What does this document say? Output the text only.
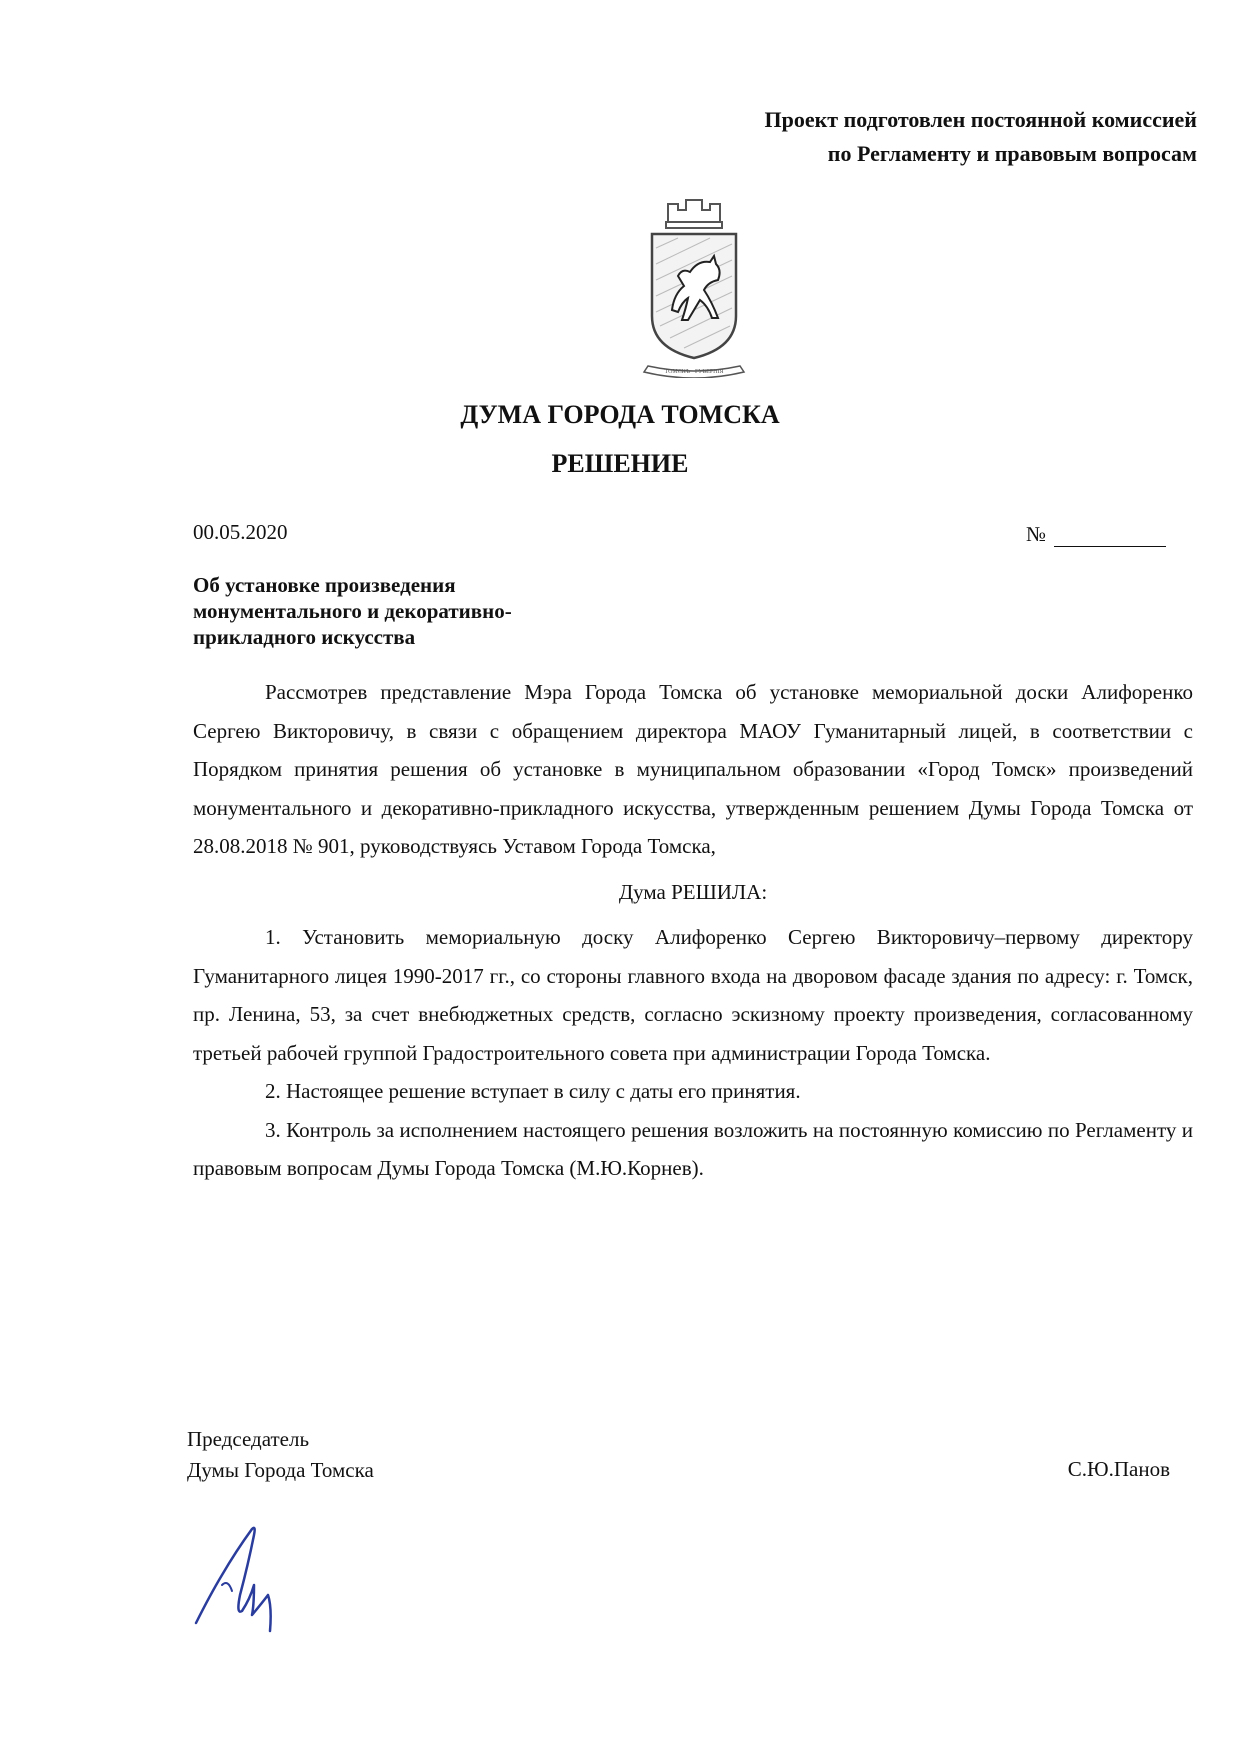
Проект подготовлен постоянной комиссией
по Регламенту и правовым вопросам
ТОМСКЪ · ГУБЕРНIЯ
ДУМА ГОРОДА ТОМСКА
РЕШЕНИЕ
00.05.2020	№
Об установке произведения
монументального и декоративно-
прикладного искусства

Рассмотрев представление Мэра Города Томска об установке мемориальной доски Алифоренко Сергею Викторовичу, в связи с обращением директора МАОУ Гуманитарный лицей, в соответствии с Порядком принятия решения об установке в муниципальном образовании «Город Томск» произведений монументального и декоративно-прикладного искусства, утвержденным решением Думы Города Томска от 28.08.2018 № 901, руководствуясь Уставом Города Томска,

Дума РЕШИЛА:

1. Установить мемориальную доску Алифоренко Сергею Викторовичу–первому директору Гуманитарного лицея 1990-2017 гг., со стороны главного входа на дворовом фасаде здания по адресу: г. Томск, пр. Ленина, 53, за счет внебюджетных средств, согласно эскизному проекту произведения, согласованному третьей рабочей группой Градостроительного совета при администрации Города Томска.

2. Настоящее решение вступает в силу с даты его принятия.

3. Контроль за исполнением настоящего решения возложить на постоянную комиссию по Регламенту и правовым вопросам Думы Города Томска (М.Ю.Корнев).

Председатель
Думы Города Томска	С.Ю.Панов
